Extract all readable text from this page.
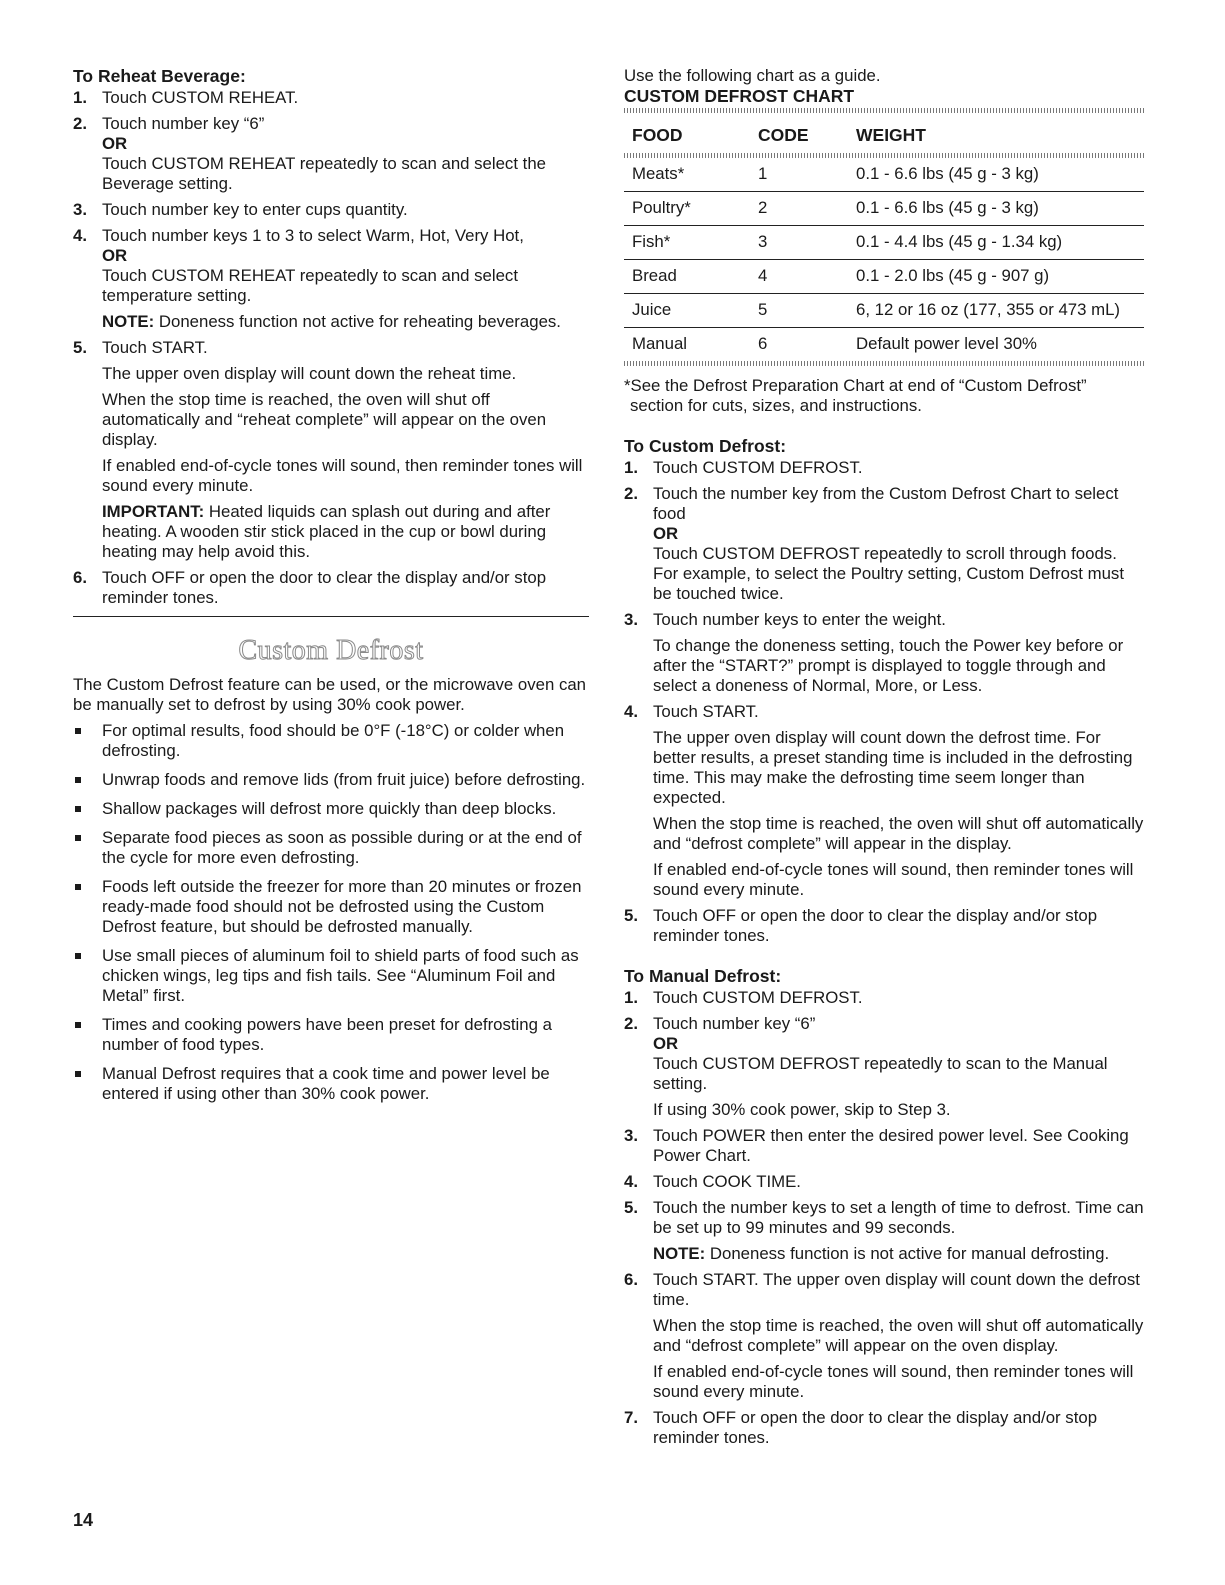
To Reheat Beverage:
1. Touch CUSTOM REHEAT.
2. Touch number key “6”
OR
Touch CUSTOM REHEAT repeatedly to scan and select the Beverage setting.
3. Touch number key to enter cups quantity.
4. Touch number keys 1 to 3 to select Warm, Hot, Very Hot,
OR
Touch CUSTOM REHEAT repeatedly to scan and select temperature setting.

NOTE: Doneness function not active for reheating beverages.

5. Touch START.

The upper oven display will count down the reheat time.

When the stop time is reached, the oven will shut off automatically and “reheat complete” will appear on the oven display.

If enabled end-of-cycle tones will sound, then reminder tones will sound every minute.

IMPORTANT: Heated liquids can splash out during and after heating. A wooden stir stick placed in the cup or bowl during heating may help avoid this.

6. Touch OFF or open the door to clear the display and/or stop reminder tones.
Custom Defrost

The Custom Defrost feature can be used, or the microwave oven can be manually set to defrost by using 30% cook power.

For optimal results, food should be 0°F (-18°C) or colder when defrosting.
Unwrap foods and remove lids (from fruit juice) before defrosting.
Shallow packages will defrost more quickly than deep blocks.
Separate food pieces as soon as possible during or at the end of the cycle for more even defrosting.
Foods left outside the freezer for more than 20 minutes or frozen ready-made food should not be defrosted using the Custom Defrost feature, but should be defrosted manually.
Use small pieces of aluminum foil to shield parts of food such as chicken wings, leg tips and fish tails. See “Aluminum Foil and Metal” first.
Times and cooking powers have been preset for defrosting a number of food types.
Manual Defrost requires that a cook time and power level be entered if using other than 30% cook power.
Use the following chart as a guide.
CUSTOM DEFROST CHART
FOOD	CODE	WEIGHT

Meats*	1	0.1 - 6.6 lbs (45 g - 3 kg)
Poultry*	2	0.1 - 6.6 lbs (45 g - 3 kg)
Fish*	3	0.1 - 4.4 lbs (45 g - 1.34 kg)
Bread	4	0.1 - 2.0 lbs (45 g - 907 g)
Juice	5	6, 12 or 16 oz (177, 355 or 473 mL)
Manual	6	Default power level 30%
*See the Defrost Preparation Chart at end of “Custom Defrost”

section for cuts, sizes, and instructions.

To Custom Defrost:
1. Touch CUSTOM DEFROST.
2. Touch the number key from the Custom Defrost Chart to select food
OR
Touch CUSTOM DEFROST repeatedly to scroll through foods. For example, to select the Poultry setting, Custom Defrost must be touched twice.
3. Touch number keys to enter the weight.

To change the doneness setting, touch the Power key before or after the “START?” prompt is displayed to toggle through and select a doneness of Normal, More, or Less.

4. Touch START.

The upper oven display will count down the defrost time. For better results, a preset standing time is included in the defrosting time. This may make the defrosting time seem longer than expected.

When the stop time is reached, the oven will shut off automatically and “defrost complete” will appear in the display.

If enabled end-of-cycle tones will sound, then reminder tones will sound every minute.

5. Touch OFF or open the door to clear the display and/or stop reminder tones.
To Manual Defrost:
1. Touch CUSTOM DEFROST.
2. Touch number key “6”
OR
Touch CUSTOM DEFROST repeatedly to scan to the Manual setting.

If using 30% cook power, skip to Step 3.

3. Touch POWER then enter the desired power level. See Cooking Power Chart.
4. Touch COOK TIME.
5. Touch the number keys to set a length of time to defrost. Time can be set up to 99 minutes and 99 seconds.

NOTE: Doneness function is not active for manual defrosting.

6. Touch START. The upper oven display will count down the defrost time.

When the stop time is reached, the oven will shut off automatically and “defrost complete” will appear on the oven display.

If enabled end-of-cycle tones will sound, then reminder tones will sound every minute.

7. Touch OFF or open the door to clear the display and/or stop reminder tones.
14
